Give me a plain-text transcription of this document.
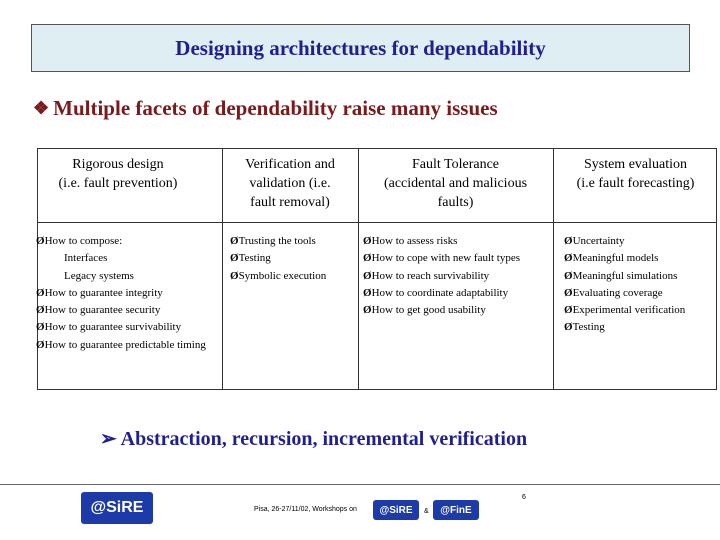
Designing architectures for dependability
❖ Multiple facets of dependability raise many issues
Rigorous design
(i.e. fault prevention)
ØHow to compose:
Interfaces
Legacy systems
ØHow to guarantee integrity
ØHow to guarantee security
ØHow to guarantee survivability
ØHow to guarantee predictable timing
Verification and
validation (i.e.
fault removal)
ØTrusting the tools
ØTesting
ØSymbolic execution
Fault Tolerance
(accidental and malicious
faults)
ØHow to assess risks
ØHow to cope with new fault types
ØHow to reach survivability
ØHow to coordinate adaptability
ØHow to get good usability
System evaluation
(i.e fault forecasting)
ØUncertainty
ØMeaningful models
ØMeaningful simulations
ØEvaluating coverage
ØExperimental verification
ØTesting
➢ Abstraction, recursion, incremental verification
@SiRE	Pisa, 26-27/11/02, Workshops on @SiRE & @FinE
6
